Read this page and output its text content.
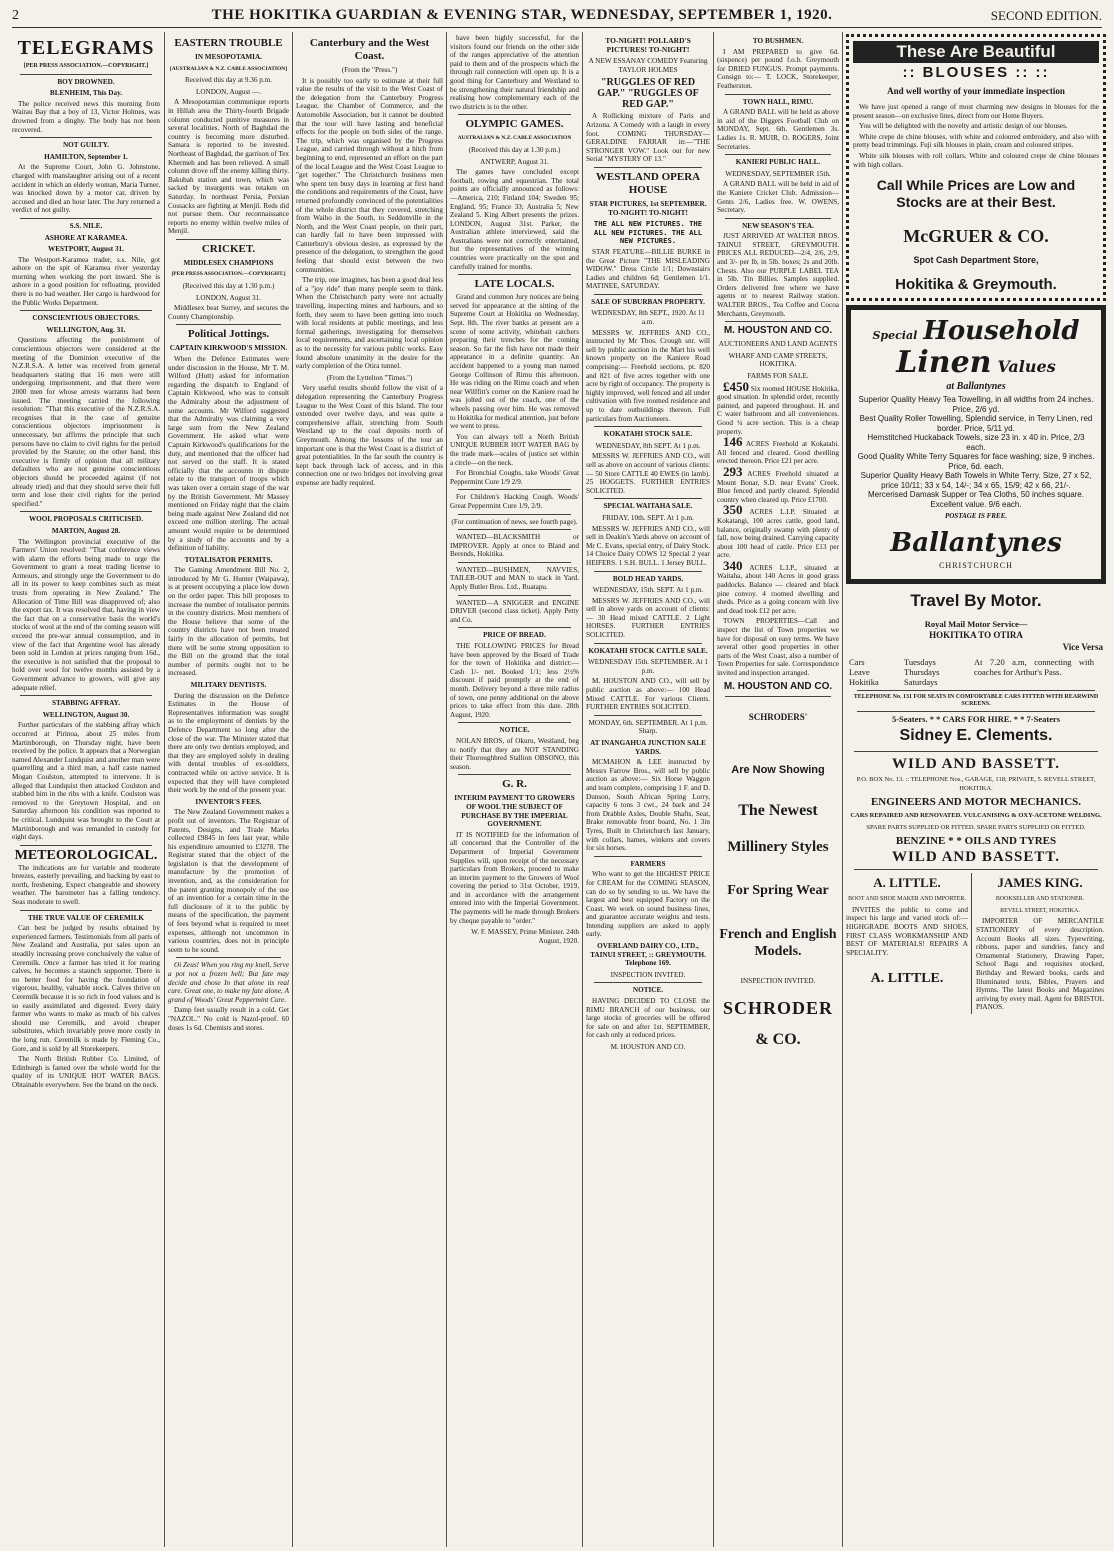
2	THE HOKITIKA GUARDIAN & EVENING STAR, WEDNESDAY, SEPTEMBER 1, 1920.	SECOND EDITION.
TELEGRAMS
[PER PRESS ASSOCIATION.—COPYRIGHT.]
BOY DROWNED.
BLENHEIM, This Day.

The police received news this morning from Wairau Bay that a boy of 13, Victor Holmes, was drowned from a dinghy. The body has not been recovered.

NOT GUILTY.
HAMILTON, September 1.

At the Supreme Court, John G. Johnstone, charged with manslaughter arising out of a recent accident in which an elderly woman, Maria Turner, was knocked down by a motor car, driven by accused and died an hour later. The Jury returned a verdict of not guilty.

S.S. NILE.
ASHORE AT KARAMEA.
WESTPORT, August 31.

The Westport-Karamea trader, s.s. Nile, got ashore on the spit of Karamea river yesterday morning when working the port inward. She is ashore in a good position for refloating, provided there is no bad weather. Her cargo is hardwood for the Public Works Department.

CONSCIENTIOUS OBJECTORS.
WELLINGTON, Aug. 31.

Questions affecting the punishment of conscientious objectors were considered at the meeting of the Dominion executive of the N.Z.R.S.A. A letter was received from general headquarters stating that 16 men were still undergoing imprisonment, and that there were 2000 men for whose arrests warrants had been issued. The meeting carried the following resolution: "That this executive of the N.Z.R.S.A. recognises that in the case of genuine conscientious objectors imprisonment is unnecessary, but affirms the principle that such persons have no claim to civil rights for the period provided by the Statute; on the other hand, this executive is firmly of opinion that all military defaulters who are not genuine conscientious objectors should be proceeded against (if not already tried) and that they should serve their full term and lose their civil rights for the period specified."

WOOL PROPOSALS CRITICISED.
MARTON, August 28.

The Wellington provincial executive of the Farmers' Union resolved: "That conference views with alarm the efforts being made to urge the Government to grant a meat trading license to Armours, and strongly urge the Government to do all in its power to keep combines such as meat trusts from operating in New Zealand." The Allocation of Time Bill was disapproved of; also the export tax. It was resolved that, having in view the fact that on a conservative basis the world's stocks of wool at the end of the coming season will exceed the pre-war annual consumption, and in view of the fact that Argentine wool has already been sold in London at prices ranging from 16d., the executive is not satisfied that the proposal to hold over wool for twelve months assisted by a Government advance to growers, will give any adequate relief.

STABBING AFFRAY.
WELLINGTON, August 30.

Further particulars of the stabbing affray which occurred at Pirinoa, about 25 miles from Martinborough, on Thursday night, have been received by the police. It appears that a Norwegian named Alexander Lundquist and another man were quarrelling and a third man, a half caste named Mogan Coulston, attempted to intervene. It is alleged that Lundquist then attacked Coulston and stabbed him in the ribs with a knife. Coulston was removed to the Greytown Hospital, and on Saturday afternoon his condition was reported to be critical. Lundquist was brought to the Court at Martinborough and was remanded in custody for eight days.

METEOROLOGICAL.

The indications are for variable and moderate breezes, easterly prevailing, and backing by east to north, freshening. Expect changeable and showery weather. The barometer has a falling tendency. Seas moderate to swell.

THE TRUE VALUE OF CEREMILK

Can best be judged by results obtained by experienced farmers. Testimonials from all parts of New Zealand and Australia, put sales upon an steadily increasing prove conclusively the value of Ceremilk. Once a farmer has tried it for rearing calves, he becomes a staunch supporter. There is no better food for having the foundation of vigorous, healthy, valuable stock. Calves thrive on Ceremilk because it is so rich in food values and is so easily assimilated and digested. Every dairy farmer who wants to make as much of his calves should use Ceremilk, and avoid cheaper substitutes, which invariably prove more costly in the long run. Ceremilk is made by Fleming Co., Gore, and is sold by all Storekeepers.

The North British Rubber Co. Limited, of Edinburgh is famed over the whole world for the quality of its UNIQUE HOT WATER BAGS. Obtainable everywhere. See the brand on the neck.

EASTERN TROUBLE
IN MESOPOTAMIA.
[AUSTRALIAN & N.Z. CABLE ASSOCIATION]
Received this day at 9.36 p.m.
LONDON, August —.

A Mesopotamian communique reports in Hillah area the Thirty-fourth Brigade column conducted punitive measures in several localities. North of Baghdad the country is becoming more disturbed. Samara is reported to be invested. Northeast of Baghdad, the garrison of Tex Khermeh and has been relieved. A small column drove off the enemy killing thirty. Bakubah station and town, which was sacked by insurgents was retaken on Saturday. In northeast Persia, Persian Cossacks are fighting at Menjil. Reds did not pursue them. Our reconnaissance reports no enemy within twelve miles of Menjil.

CRICKET.
MIDDLESEX CHAMPIONS
[PER PRESS ASSOCIATION.—COPYRIGHT.]
(Received this day at 1.30 p.m.)
LONDON, August 31.

Middlesex beat Surrey, and secures the County Championship.

Political Jottings.
CAPTAIN KIRKWOOD'S MISSION.

When the Defence Estimates were under discussion in the House, Mr T. M. Wilford (Hutt) asked for information regarding the dispatch to England of Captain Kirkwood, who was to consult the Admiralty about the adjustment of some accounts. Mr Wilford suggested that the Admiralty was claiming a very large sum from the New Zealand Government. He asked what were Captain Kirkwood's qualifications for the duty, and mentioned that the officer had not served on the staff. It is stated officially that the accounts in dispute relate to the transport of troops which was taken over a certain stage of the war by the British Government. Mr Massey mentioned on Friday night that the claim being made against New Zealand did not exceed one million sterling. The actual amount would require to be determined by a study of the accounts and by a definition of liability.

TOTALISATOR PERMITS.

The Gaming Amendment Bill No. 2, introduced by Mr G. Hunter (Waipawa), is at present occupying a place low down on the order paper. This bill proposes to increase the number of totalisator permits in the country districts. Most members of the House believe that some of the country districts have not been treated fairly in the allocation of permits, but there will be some strong opposition to the Bill on the ground that the total number of permits ought not to be increased.

MILITARY DENTISTS.

During the discussion on the Defence Estimates in the House of Representatives information was sought as to the employment of dentists by the Defence Department so long after the close of the war. The Minister stated that there are only two dentists employed, and that they are employed solely in dealing with dental troubles of ex-soldiers, contracted while on active service. It is expected that they will have completed their work by the end of the present year.

INVENTOR'S FEES.

The New Zealand Government makes a profit out of inventors. The Registrar of Patents, Designs, and Trade Marks collected £9845 in fees last year, while his expenditure amounted to £3278. The Registrar stated that the object of the legislation is that the development of manufacture by the promotion of invention, and, as the consideration for the patent granting monopoly of the use of an invention for a certain time in the full disclosure of it to the public by means of the specification, the payment of fees beyond what is required to meet expenses, although not uncommon in various countries, does not in principle seem to be sound.

Oi Zeus! When you ring my knell, Serve a pot not a frozen hell; But fate may decide and chose In that alone its real cure. Great one, to make my fate alone, A grand of Woods' Great Peppermint Cure.

Damp feet usually result in a cold. Get "NAZOL." No cold is Nazol-proof. 60 doses 1s 6d. Chemists and stores.

Canterbury and the West Coast.
(From the "Press.")

It is possibly too early to estimate at their full value the results of the visit to the West Coast of the delegation from the Canterbury Progress League, the Chamber of Commerce, and the Automobile Association, but it cannot be doubted that the tour will have lasting and beneficial effects for the people on both sides of the range. The trip, which was organised by the Progress League, and carried through without a hitch from beginning to end, represented an effort on the part of the local League and the West Coast League to "get together." The Christchurch business men who spent ten busy days in learning at first hand the conditions and requirements of the Coast, have returned profoundly convinced of the potentialities of the whole district that they covered, stretching from Waiho in the South, to Seddonville in the North, and the West Coast people, on their part, can hardly fail to have been impressed with Canterbury's obvious desire, as expressed by the presence of the delegation, to strengthen the good feeling that should exist between the two communities.

The trip, one imagines, has been a good deal less of a "joy ride" than many people seem to think. When the Christchurch party were not actually travelling, inspecting mines and harbours, and so forth, they seem to have been getting into touch with local residents at public meetings, and less formal gatherings, investigating for themselves local requirements, and ascertaining local opinion as to the necessity for various public works. Easy found absolute unanimity in the desire for the early completion of the Otira tunnel.

(From the Lyttelton "Times.")

Very useful results should follow the visit of a delegation representing the Canterbury Progress League to the West Coast of this Island. The tour extended over twelve days, and was quite a comprehensive affair, stretching from South Westland up to the coal deposits north of Greymouth. Among the lessons of the tour an important one is that the West Coast is a district of great potentialities. In the far south the country is kept back through lack of access, and in this connection one or two bridges not involving great expense are badly required.

have been highly successful, for the visitors found our friends on the other side of the ranges appreciative of the attention paid to them and of the prospects which the through rail connection will open up. It is a good thing for Canterbury and Westland to be strengthening their natural friendship and realising how complementary each of the two districts is to the other.

OLYMPIC GAMES.
AUSTRALIAN & N.Z. CABLE ASSOCIATION
(Received this day at 1.30 p.m.)
ANTWERP, August 31.

The games have concluded except football, rowing and equestrian. The total points are officially announced as follows:—America, 210; Finland 104; Sweden 95; England, 95; France 33; Australia 5; New Zealand 5. King Albert presents the prizes. LONDON, August 31st. Parker, the Australian athlete interviewed, said the Australians were not correctly entertained, but the representatives of the winning countries were practically on the spot and carefully trained for months.

LATE LOCALS.

Grand and common Jury notices are being served for appearance at the sitting of the Supreme Court at Hokitika on Wednesday, Sept. 8th. The river banks at present are a scene of some activity, whitebait catchers preparing their trenches for the coming season. So far the fish have not made their appearance in a definite quantity. An accident happened to a young man named George Collinson of Rimu this afternoon. He was riding on the Rimu coach and when near Wilffitt's corner on the Kaniere road he was jolted out of the coach, one of the wheels passing over him. He was removed to Hokitika for medical attention, just before we went to press.

You can always tell a North British UNIQUE RUBBER HOT WATER BAG by the trade mark—scales of justice set within a circle—on the neck.

For Bronchial Coughs, take Woods' Great Peppermint Cure 1/9 2/9.

For Children's Hacking Cough. Woods' Great Peppermint Cure 1/9, 2/9.

(For continuation of news, see fourth page).

WANTED—BLACKSMITH or IMPROVER. Apply at once to Bland and Berends, Hokitika.

WANTED—BUSHMEN, NAVVIES, TAILER-OUT and MAN to stack in Yard. Apply Butler Bros. Ltd., Ruatapu.

WANTED—A SNIGGER and ENGINE DRIVER (second class ticket). Apply Petty and Co.

PRICE OF BREAD.

THE FOLLOWING PRICES for Bread have been approved by the Board of Trade for the town of Hokitika and district:— Cash 1/- net. Booked 1/1; less 2½% discount if paid promptly at the end of month. Delivery beyond a three mile radius of town, one penny additional on the above prices to take effect from this date. 28th August, 1920.

NOTICE.

NOLAN BROS, of Okuru, Westland, beg to notify that they are NOT STANDING their Thoroughbred Stallion OBSONO, this season.

G. R.
INTERIM PAYMENT TO GROWERS OF WOOL THE SUBJECT OF PURCHASE BY THE IMPERIAL GOVERNMENT.

IT IS NOTIFIED for the information of all concerned that the Controller of the Department of Imperial Government Supplies will, upon receipt of the necessary particulars from Brokers, proceed to make an interim payment to the Growers of Wool covering the period to 31st October, 1919, and in accordance with the arrangement entered into with the Imperial Government. The payments will be made through Brokers by cheque payable to "order."

W. F. MASSEY, Prime Minister. 24th August, 1920.
TO-NIGHT! POLLARD'S PICTURES! TO-NIGHT!
A NEW ESSANAY COMEDY Featuring TAYLOR HOLMES
"RUGGLES OF RED GAP." "RUGGLES OF RED GAP."

A Rollicking mixture of Paris and Arizona. A Comedy with a laugh in every foot. COMING THURSDAY—GERALDINE FARRAR in:—"THE STRONGER VOW." Look out for new Serial "MYSTERY OF 13."

WESTLAND OPERA HOUSE
STAR PICTURES, 1st SEPTEMBER. TO-NIGHT! TO-NIGHT!
THE ALL NEW PICTURES. THE ALL NEW PICTURES. THE ALL NEW PICTURES.

STAR FEATURE—BILLIE BURKE in the Great Picture "THE MISLEADING WIDOW." Dress Circle 1/1; Downstairs Ladies and children 6d; Gentlemen 1/1. MATINEE, SATURDAY.

SALE OF SUBURBAN PROPERTY.
WEDNESDAY, 8th SEPT., 1920. At 11 a.m.

MESSRS W. JEFFRIES AND CO., instructed by Mr Thos. Crough snr. will sell by public auction in the Mart his well known property on the Kaniere Road comprising:— Freehold sections, pt. 820 and 821 of five acres together with one acre by right of occupancy. The property is highly improved, well fenced and all under cultivation with five roomed residence and up to date outbuildings thereon. Full particulars from Auctioneers.

KOKATAHI STOCK SALE.
WEDNESDAY, 8th SEPT. At 1 p.m.

MESSRS W. JEFFRIES AND CO., will sell as above on account of various clients:— 50 Store CATTLE 40 EWES (in lamb). 25 HOGGETS. FURTHER ENTRIES SOLICITED.

SPECIAL WAITAHA SALE.
FRIDAY, 10th. SEPT. At 1 p.m.

MESSRS W. JEFFRIES AND CO., will sell in Deakin's Yards above on account of Mr C. Evans, special entry, of Dairy Stock. 14 Choice Dairy COWS 12 Special 2 year HEIFERS. 1 S.H. BULL. 1 Jersey BULL.

BOLD HEAD YARDS.
WEDNESDAY, 15th. SEPT. At 1 p.m.

MESSRS W. JEFFRIES AND CO., will sell in above yards on account of clients:— 30 Head mixed CATTLE. 2 Light HORSES. FURTHER ENTRIES SOLICITED.

KOKATAHI STOCK CATTLE SALE.
WEDNESDAY 15th. SEPTEMBER. At 1 p.m.

M. HOUSTON AND CO., will sell by public auction as above:— 100 Head Mixed CATTLE. For various Clients. FURTHER ENTRIES SOLICITED.

MONDAY, 6th. SEPTEMBER. At 1 p.m. Sharp.
AT INANGAHUA JUNCTION SALE YARDS.

MCMAHON & LEE instructed by Messrs Farrow Bros., will sell by public auction as above:— Six Horse Waggon and team complete, comprising 1 F. and D. Dunson, South African Spring Lorry, capacity 6 tons 3 cwt., 24 bark and 24 from Drabble Axles, Double Shafts, Seat, Brake removable front board, No. 1 3in Tyres, Built in Christchurch last January, with collars, hames, winkers and covers for six horses.

FARMERS

Who want to get the HIGHEST PRICE for CREAM for the COMING SEASON, can do so by sending to us. We have the largest and best equipped Factory on the Coast. We work on sound business lines, and guarantee accurate weights and tests. Intending suppliers are asked to apply early.

OVERLAND DAIRY CO., LTD., TAINUI STREET, :: GREYMOUTH. Telephone 169.
INSPECTION INVITED.
NOTICE.

HAVING DECIDED TO CLOSE the RIMU BRANCH of our business, our large stocks of groceries will be offered for sale on and after 1st. SEPTEMBER, for cash only at reduced prices.

M. HOUSTON AND CO.
TO BUSHMEN.

I AM PREPARED to give 6d. (sixpence) per pound f.o.b. Greymouth for DRIED FUNGUS. Prompt payments. Consign to:— T. LOCK, Storekeeper, Featherston.

TOWN HALL, RIMU.

A GRAND BALL will be held as above in aid of the Diggers Football Club on MONDAY, Sept. 6th. Gentlemen 3s. Ladies 1s. R. MUIR, O. ROGERS, Joint Secretaries.

KANIERI PUBLIC HALL.
WEDNESDAY, SEPTEMBER 15th.

A GRAND BALL will be held in aid of the Kaniere Cricket Club. Admission—Gents 2/6, Ladies free. W. OWENS, Secretary.

NEW SEASON'S TEA.

JUST ARRIVED AT WALTER BROS. TAINUI STREET, GREYMOUTH. PRICES ALL REDUCED—2/4, 2/6, 2/9, and 3/- per lb, in 5lb. boxes; 2s and 20lb. Chests. Also our PURPLE LABEL TEA in 5lb. Tin Billies. Samples supplied. Orders delivered free where we have agents or to nearest Railway station. WALTER BROS., Tea Coffee and Cocoa Merchants, Greymouth.

M. HOUSTON AND CO.
AUCTIONEERS AND LAND AGENTS
WHARF AND CAMP STREETS, HOKITIKA.
FARMS FOR SALE.

£450 Six roomed HOUSE Hokitika, good situation. In splendid order, recently painted, and papered throughout. H. and C water bathroom and all conveniences. Good ¼ acre section. This is a cheap property.

146 ACRES Freehold at Kokatahi. All fenced and cleared. Good dwelling erected thereon. Price £21 per acre.

293 ACRES Freehold situated at Mount Bonar, S.D. near Evans' Creek. Blue fenced and partly cleared. Splendid country when cleared up. Price £1700.

350 ACRES L.I.P. Situated at Kokatangi, 100 acres cattle, good land, balance, originally swamp with plenty of fall, now being drained. Carrying capacity about 100 head of cattle. Price £13 per acre.

340 ACRES L.I.P., situated at Waitaha, about 140 Acres in good grass paddocks. Balance — cleared and black pine convoy. 4 roomed dwelling and sheds. Price as a going concern with live and dead took £12 per acre.

TOWN PROPERTIES—Call and inspect the list of Town properties we have for disposal on easy terms. We have several other good properties in other parts of the West Coast, also a number of Town Properties for sale. Correspondence invited and inspection arranged.

M. HOUSTON AND CO.
SCHRODERS'
Are Now Showing
The Newest
Millinery Styles
For Spring Wear
French and English Models.
INSPECTION INVITED.
SCHRODER
& CO.
These Are Beautiful
:: BLOUSES :: ::
And well worthy of your immediate inspection

We have just opened a range of most charming new designs in blouses for the present season—on exclusive lines, direct from our Home Buyers.

You will be delighted with the novelty and artistic design of our blouses.

White crepe de chine blouses, with white and coloured embroidery, and also with pretty bead trimmings. Fuji silk blouses in plain, cream and coloured stripes.

White silk blouses with roll collars. White and coloured crepe de chine blouses with high collars.

Call While Prices are Low and Stocks are at their Best.
McGRUER & CO.
Spot Cash Department Store,
Hokitika & Greymouth.
Special Household
Linen Values
at Ballantynes
Superior Quality Heavy Tea Towelling, in all widths from 24 inches. Price, 2/6 yd.
Best Quality Roller Towelling, Splendid service, in Terry Linen, red border. Price, 5/11 yd.
Hemstitched Huckaback Towels, size 23 in. x 40 in. Price, 2/3 each.
Good Quality White Terry Squares for face washing; size, 9 inches. Price, 6d. each.
Superior Quality Heavy Bath Towels in White Terry. Size, 27 x 52, price 10/11; 33 x 54, 14/-; 34 x 65, 15/9; 42 x 66, 21/-.
Mercerised Damask Supper or Tea Cloths, 50 inches square. Excellent value. 9/6 each.
POSTAGE IS FREE.
Ballantynes
CHRISTCHURCH
Travel By Motor.
Royal Mail Motor Service—
HOKITIKA TO OTIRA
Vice Versa
Cars
Leave
Hokitika
Tuesdays
Thursdays
Saturdays
At 7.20 a.m, connecting with coaches for Arthur's Pass.
TELEPHONE No. 131 FOR SEATS IN COMFORTABLE CARS FITTED WITH REARWIND SCREENS.
5-Seaters. * * CARS FOR HIRE. * * 7-Seaters
Sidney E. Clements.
WILD AND BASSETT.
P.O. BOX No. 13. :: TELEPHONE Nos., GARAGE, 118; PRIVATE, 5. REVELL STREET, HOKITIKA.
ENGINEERS AND MOTOR MECHANICS.
CARS REPAIRED AND RENOVATED. VULCANISING & OXY-ACETONE WELDING.
SPARE PARTS SUPPLIED OR FITTED. SPARE PARTS SUPPLIED OR FITTED.
BENZINE * * OILS AND TYRES
WILD AND BASSETT.
A. LITTLE.
BOOT AND SHOE MAKER AND IMPORTER.

INVITES the public to come and inspect his large and varied stock of:— HIGHGRADE BOOTS AND SHOES, FIRST CLASS WORKMANSHIP AND BEST OF MATERIALS! REPAIRS A SPECIALITY.

A. LITTLE.
JAMES KING.
BOOKSELLER AND STATIONER.
REVELL STREET, HOKITIKA.

IMPORTER OF MERCANTILE STATIONERY of every description. Account Books all sizes. Typewriting, ribbons, paper and sundries, fancy and Ornamental Stationery, Drawing Paper, School Bags and requisites stocked, Birthday and Reward books, cards and Illuminated texts, Bibles, Prayers and Hymns. The latest Books and Magazines arriving by every mail. Agent for BRISTOL PIANOS.
